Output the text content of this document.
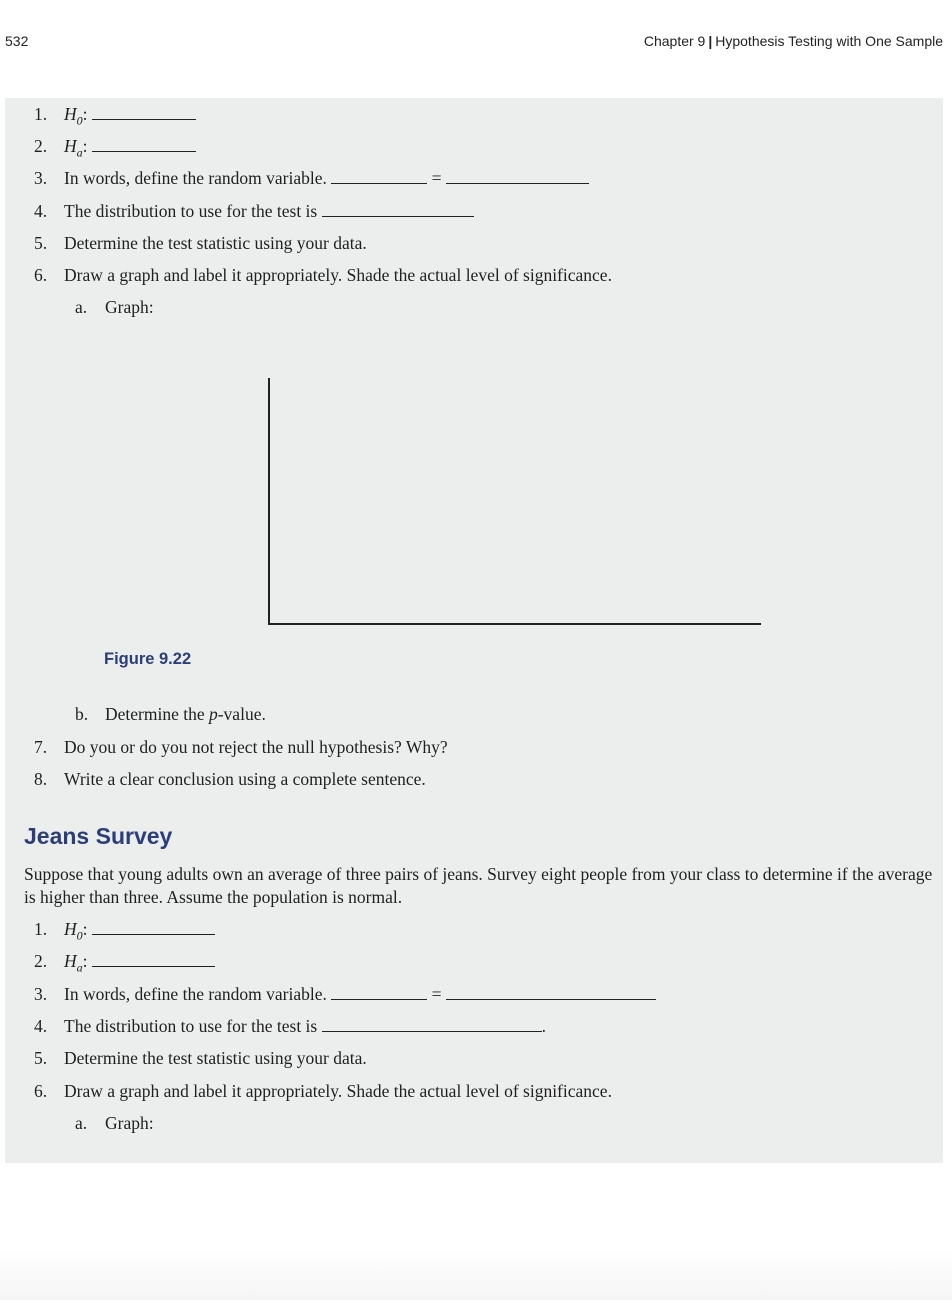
532	Chapter 9 | Hypothesis Testing with One Sample
1. $H_0$:
2. $H_a$:
3. In words, define the random variable.	=
4. The distribution to use for the test is
5. Determine the test statistic using your data.
6. Draw a graph and label it appropriately. Shade the actual level of significance.
a. Graph:
Figure 9.22
b. Determine the p-value.
7. Do you or do you not reject the null hypothesis? Why?
8. Write a clear conclusion using a complete sentence.
Jeans Survey
Suppose that young adults own an average of three pairs of jeans. Survey eight people from your class to determine if the average is higher than three. Assume the population is normal.
1. $H_0$:
2. $H_a$:
3. In words, define the random variable.	=
4. The distribution to use for the test is	.
5. Determine the test statistic using your data.
6. Draw a graph and label it appropriately. Shade the actual level of significance.
a. Graph:
